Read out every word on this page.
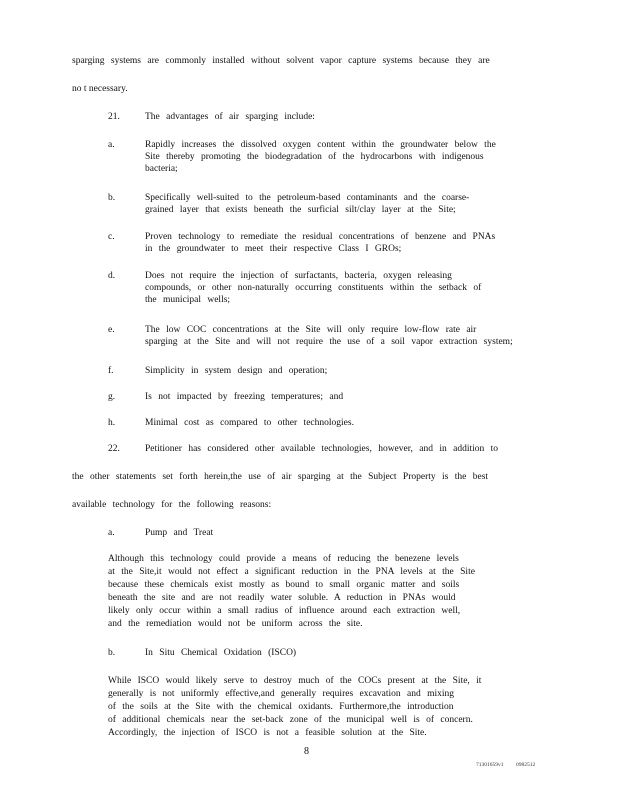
sparging systems are commonly installed without solvent vapor capture systems because they are
no t necessary.
21.	The advantages of air sparging include:
a.	Rapidly increases the dissolved oxygen content within the groundwater below the
Site thereby promoting the biodegradation of the hydrocarbons with indigenous
bacteria;
b.	Specifically well-suited to the petroleum-based contaminants and the coarse-
grained layer that exists beneath the surficial silt/clay layer at the Site;
c.	Proven technology to remediate the residual concentrations of benzene and PNAs
in the groundwater to meet their respective Class I GROs;
d.	Does not require the injection of surfactants, bacteria, oxygen releasing
compounds, or other non-naturally occurring constituents within the setback of
the municipal wells;
e.	The low COC concentrations at the Site will only require low-flow rate air
sparging at the Site and will not require the use of a soil vapor extraction system;
f.	Simplicity in system design and operation;
g.	Is not impacted by freezing temperatures; and
h.	Minimal cost as compared to other technologies.
22.	Petitioner has considered other available technologies, however, and in addition to
the other statements set forth herein,the use of air sparging at the Subject Property is the best
available technology for the following reasons:
a.	Pump and Treat
Although this technology could provide a means of reducing the benezene levels
at the Site,it would not effect a significant reduction in the PNA levels at the Site
because these chemicals exist mostly as bound to small organic matter and soils
beneath the site and are not readily water soluble. A reduction in PNAs would
likely only occur within a small radius of influence around each extraction well,
and the remediation would not be uniform across the site.
b.	In Situ Chemical Oxidation (ISCO)
While ISCO would likely serve to destroy much of the COCs present at the Site, it
generally is not uniformly effective,and generally requires excavation and mixing
of the soils at the Site with the chemical oxidants. Furthermore,the introduction
of additional chemicals near the set-back zone of the municipal well is of concern.
Accordingly, the injection of ISCO is not a feasible solution at the Site.
8
71301659v1 0982512
